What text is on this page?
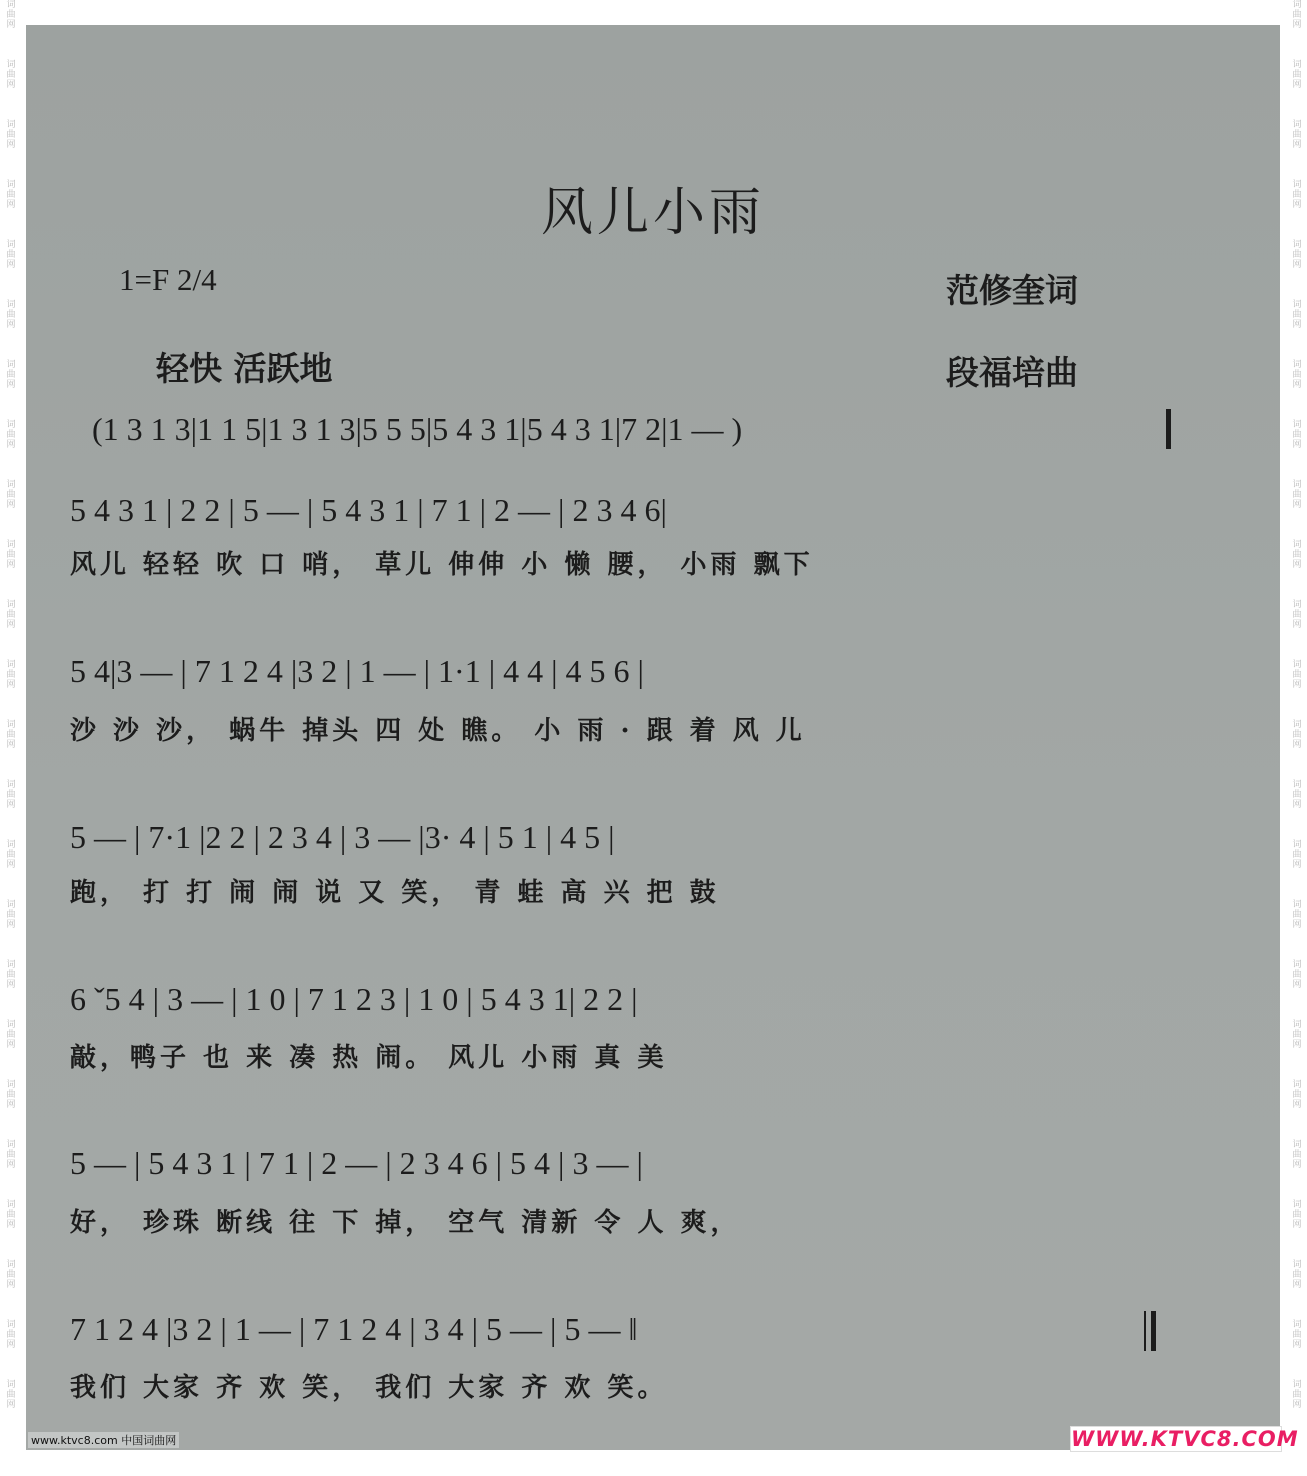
词
曲
网
词
曲
网
词
曲
网
词
曲
网
词
曲
网
词
曲
网
词
曲
网
词
曲
网
词
曲
网
词
曲
网
词
曲
网
词
曲
网
词
曲
网
词
曲
网
词
曲
网
词
曲
网
词
曲
网
词
曲
网
词
曲
网
词
曲
网
词
曲
网
词
曲
网
词
曲
网
词
曲
网
词
曲
网
词
曲
网
词
曲
网
词
曲
网
词
曲
网
词
曲
网
词
曲
网
词
曲
网
词
曲
网
词
曲
网
词
曲
网
词
曲
网
词
曲
网
词
曲
网
词
曲
网
词
曲
网
词
曲
网
词
曲
网
词
曲
网
词
曲
网
词
曲
网
词
曲
网
词
曲
网
词
曲
网
风儿小雨
1=F 2/4
轻快 活跃地
范修奎词
段福培曲
(1 3 1 3|1 1 5|1 3 1 3|5 5 5|5 4 3 1|5 4 3 1|7 2|1 — )
5 4 3 1 | 2 2 | 5 — | 5 4 3 1 | 7 1 | 2 — | 2 3 4 6|
风儿 轻轻 吹 口 哨， 草儿 伸伸 小 懒 腰， 小雨 飘下
5 4|3 — | 7 1 2 4 |3 2 | 1 — | 1·1 | 4 4 | 4 5 6 |
沙 沙 沙， 蜗牛 掉头 四 处 瞧。 小 雨 · 跟 着 风 儿
5 — | 7·1 |2 2 | 2 3 4 | 3 — |3· 4 | 5 1 | 4 5 |
跑， 打 打 闹 闹 说 又 笑， 青 蛙 高 兴 把 鼓
6 ˇ5 4 | 3 — | 1 0 | 7 1 2 3 | 1 0 | 5 4 3 1| 2 2 |
敲，鸭子 也 来 凑 热 闹。 风儿 小雨 真 美
5 — | 5 4 3 1 | 7 1 | 2 — | 2 3 4 6 | 5 4 | 3 — |
好， 珍珠 断线 往 下 掉， 空气 清新 令 人 爽，
7 1 2 4 |3 2 | 1 — | 7 1 2 4 | 3 4 | 5 — | 5 — ‖
我们 大家 齐 欢 笑， 我们 大家 齐 欢 笑。
www.ktvc8.com 中国词曲网	WWW.KTVC8.COM
